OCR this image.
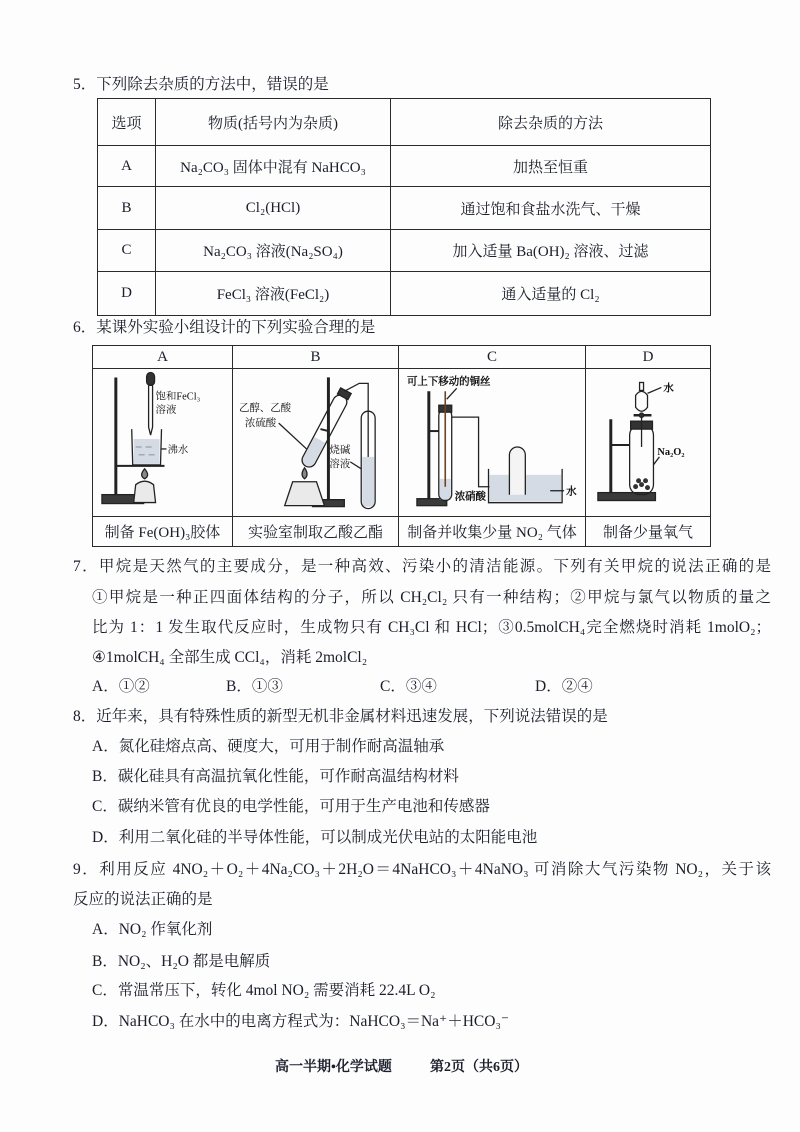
5．下列除去杂质的方法中，错误的是
选项	物质(括号内为杂质)	除去杂质的方法
A	Na₂CO₃ 固体中混有 NaHCO₃	加热至恒重
B	Cl₂(HCl)	通过饱和食盐水洗气、干燥
C	Na₂CO₃ 溶液(Na₂SO₄)	加入适量 Ba(OH)₂ 溶液、过滤
D	FeCl₃ 溶液(FeCl₂)	通入适量的 Cl₂
6．某课外实验小组设计的下列实验合理的是
A	B	C	D

饱和FeCl₃
溶液
沸水	乙醇、乙酸
浓硫酸
烧碱
溶液	可上下移动的铜丝
浓硝酸 水	水
Na₂O₂

制备 Fe(OH)₃胶体	实验室制取乙酸乙酯	制备并收集少量 NO₂ 气体	制备少量氧气
7．甲烷是天然气的主要成分，是一种高效、污染小的清洁能源。下列有关甲烷的说法正确的是
①甲烷是一种正四面体结构的分子，所以 CH₂Cl₂ 只有一种结构；②甲烷与氯气以物质的量之
比为 1：1 发生取代反应时，生成物只有 CH₃Cl 和 HCl；③0.5molCH₄完全燃烧时消耗 1molO₂；
④1molCH₄ 全部生成 CCl₄，消耗 2molCl₂
A．①②	B．①③	C．③④	D．②④
8．近年来，具有特殊性质的新型无机非金属材料迅速发展，下列说法错误的是
A．氮化硅熔点高、硬度大，可用于制作耐高温轴承
B．碳化硅具有高温抗氧化性能，可作耐高温结构材料
C．碳纳米管有优良的电学性能，可用于生产电池和传感器
D．利用二氧化硅的半导体性能，可以制成光伏电站的太阳能电池
9．利用反应 4NO₂＋O₂＋4Na₂CO₃＋2H₂O＝4NaHCO₃＋4NaNO₃ 可消除大气污染物 NO₂，关于该
反应的说法正确的是
A．NO₂ 作氧化剂
B．NO₂、H₂O 都是电解质
C．常温常压下，转化 4mol NO₂ 需要消耗 22.4L O₂
D．NaHCO₃ 在水中的电离方程式为：NaHCO₃＝Na⁺＋HCO₃⁻
高一半期•化学试题	第2页（共6页）
